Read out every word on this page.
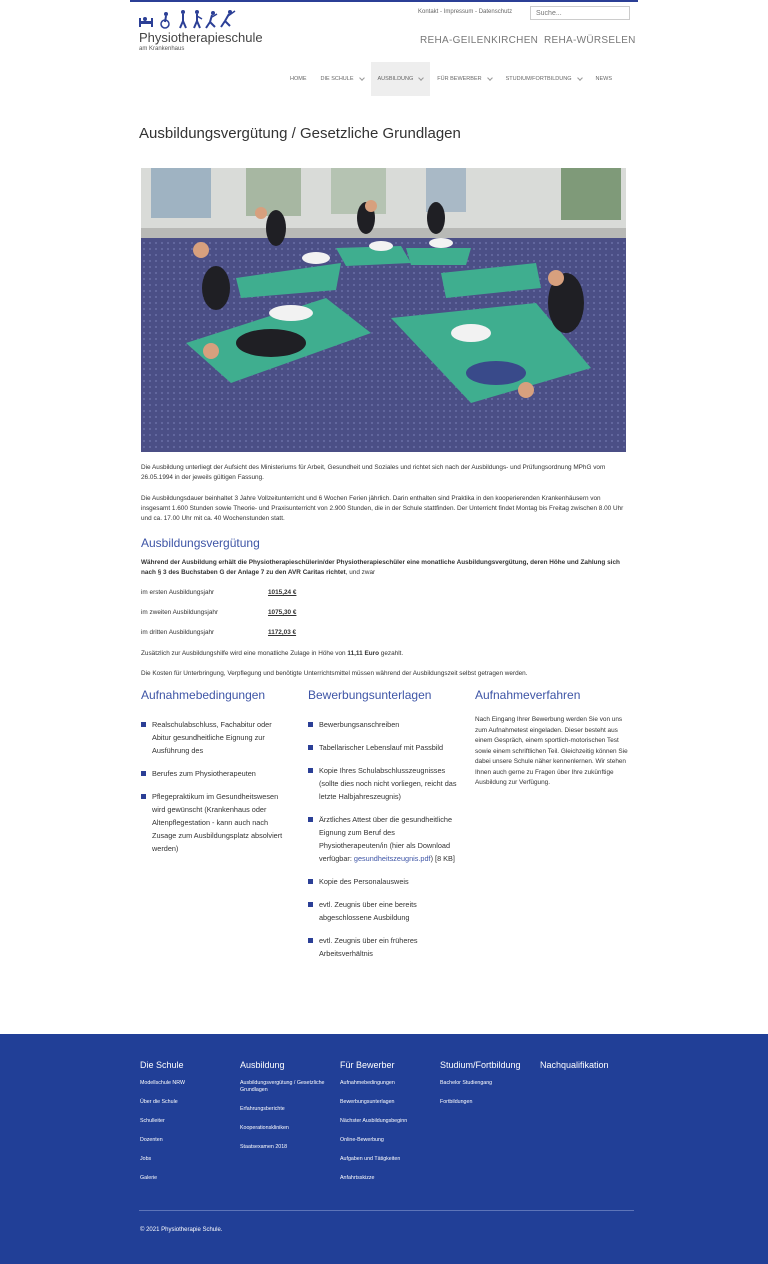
Physiotherapieschule
am Krankenhaus
Kontakt - Impressum - Datenschutz
Suche...
REHA-GEILENKIRCHEN REHA-WÜRSELEN
HOME	DIE SCHULE	AUSBILDUNG	FÜR BEWERBER	STUDIUM/FORTBILDUNG	NEWS
Ausbildungsvergütung / Gesetzliche Grundlagen

Die Ausbildung unterliegt der Aufsicht des Ministeriums für Arbeit, Gesundheit und Soziales und richtet sich nach der Ausbildungs- und Prüfungsordnung MPhG vom 26.05.1994 in der jeweils gültigen Fassung.

Die Ausbildungsdauer beinhaltet 3 Jahre Vollzeitunterricht und 6 Wochen Ferien jährlich. Darin enthalten sind Praktika in den kooperierenden Krankenhäusern von insgesamt 1.600 Stunden sowie Theorie- und Praxisunterricht von 2.900 Stunden, die in der Schule stattfinden. Der Unterricht findet Montag bis Freitag zwischen 8.00 Uhr und ca. 17.00 Uhr mit ca. 40 Wochenstunden statt.

Ausbildungsvergütung

Während der Ausbildung erhält die Physiotherapieschülerin/der Physiotherapieschüler eine monatliche Ausbildungsvergütung, deren Höhe und Zahlung sich nach § 3 des Buchstaben G der Anlage 7 zu den AVR Caritas richtet, und zwar

im ersten Ausbildungsjahr	1015,24 €
im zweiten Ausbildungsjahr	1075,30 €
im dritten Ausbildungsjahr	1172,03 €

Zusätzlich zur Ausbildungshilfe wird eine monatliche Zulage in Höhe von 11,11 Euro gezahlt.

Die Kosten für Unterbringung, Verpflegung und benötigte Unterrichtsmittel müssen während der Ausbildungszeit selbst getragen werden.

Aufnahmebedingungen
Realschulabschluss, Fachabitur oder Abitur gesundheitliche Eignung zur Ausführung des
Berufes zum Physiotherapeuten
Pflegepraktikum im Gesundheitswesen wird gewünscht (Krankenhaus oder Altenpflegestation - kann auch nach Zusage zum Ausbildungsplatz absolviert werden)
Bewerbungsunterlagen
Bewerbungsanschreiben
Tabellarischer Lebenslauf mit Passbild
Kopie Ihres Schulabschlusszeugnisses (sollte dies noch nicht vorliegen, reicht das letzte Halbjahreszeugnis)
Ärztliches Attest über die gesundheitliche Eignung zum Beruf des Physiotherapeuten/in (hier als Download verfügbar: gesundheitszeugnis.pdf) [8 KB]
Kopie des Personalausweis
evtl. Zeugnis über eine bereits abgeschlossene Ausbildung
evtl. Zeugnis über ein früheres Arbeitsverhältnis
Aufnahmeverfahren

Nach Eingang Ihrer Bewerbung werden Sie von uns zum Aufnahmetest eingeladen. Dieser besteht aus einem Gespräch, einem sportlich-motorischen Test sowie einem schriftlichen Teil. Gleichzeitig können Sie dabei unsere Schule näher kennenlernen. Wir stehen Ihnen auch gerne zu Fragen über Ihre zukünftige Ausbildung zur Verfügung.

Die Schule
Modellschule NRW
Über die Schule
Schulleiter
Dozenten
Jobs
Galerie
Ausbildung
Ausbildungsvergütung / Gesetzliche Grundlagen
Erfahrungsberichte
Kooperationskliniken
Staatsexamen 2018
Für Bewerber
Aufnahmebedingungen
Bewerbungsunterlagen
Nächster Ausbildungsbeginn
Online-Bewerbung
Aufgaben und Tätigkeiten
Anfahrtsskizze
Studium/Fortbildung
Bachelor Studiengang
Fortbildungen
Nachqualifikation
© 2021 Physiotherapie Schule.
